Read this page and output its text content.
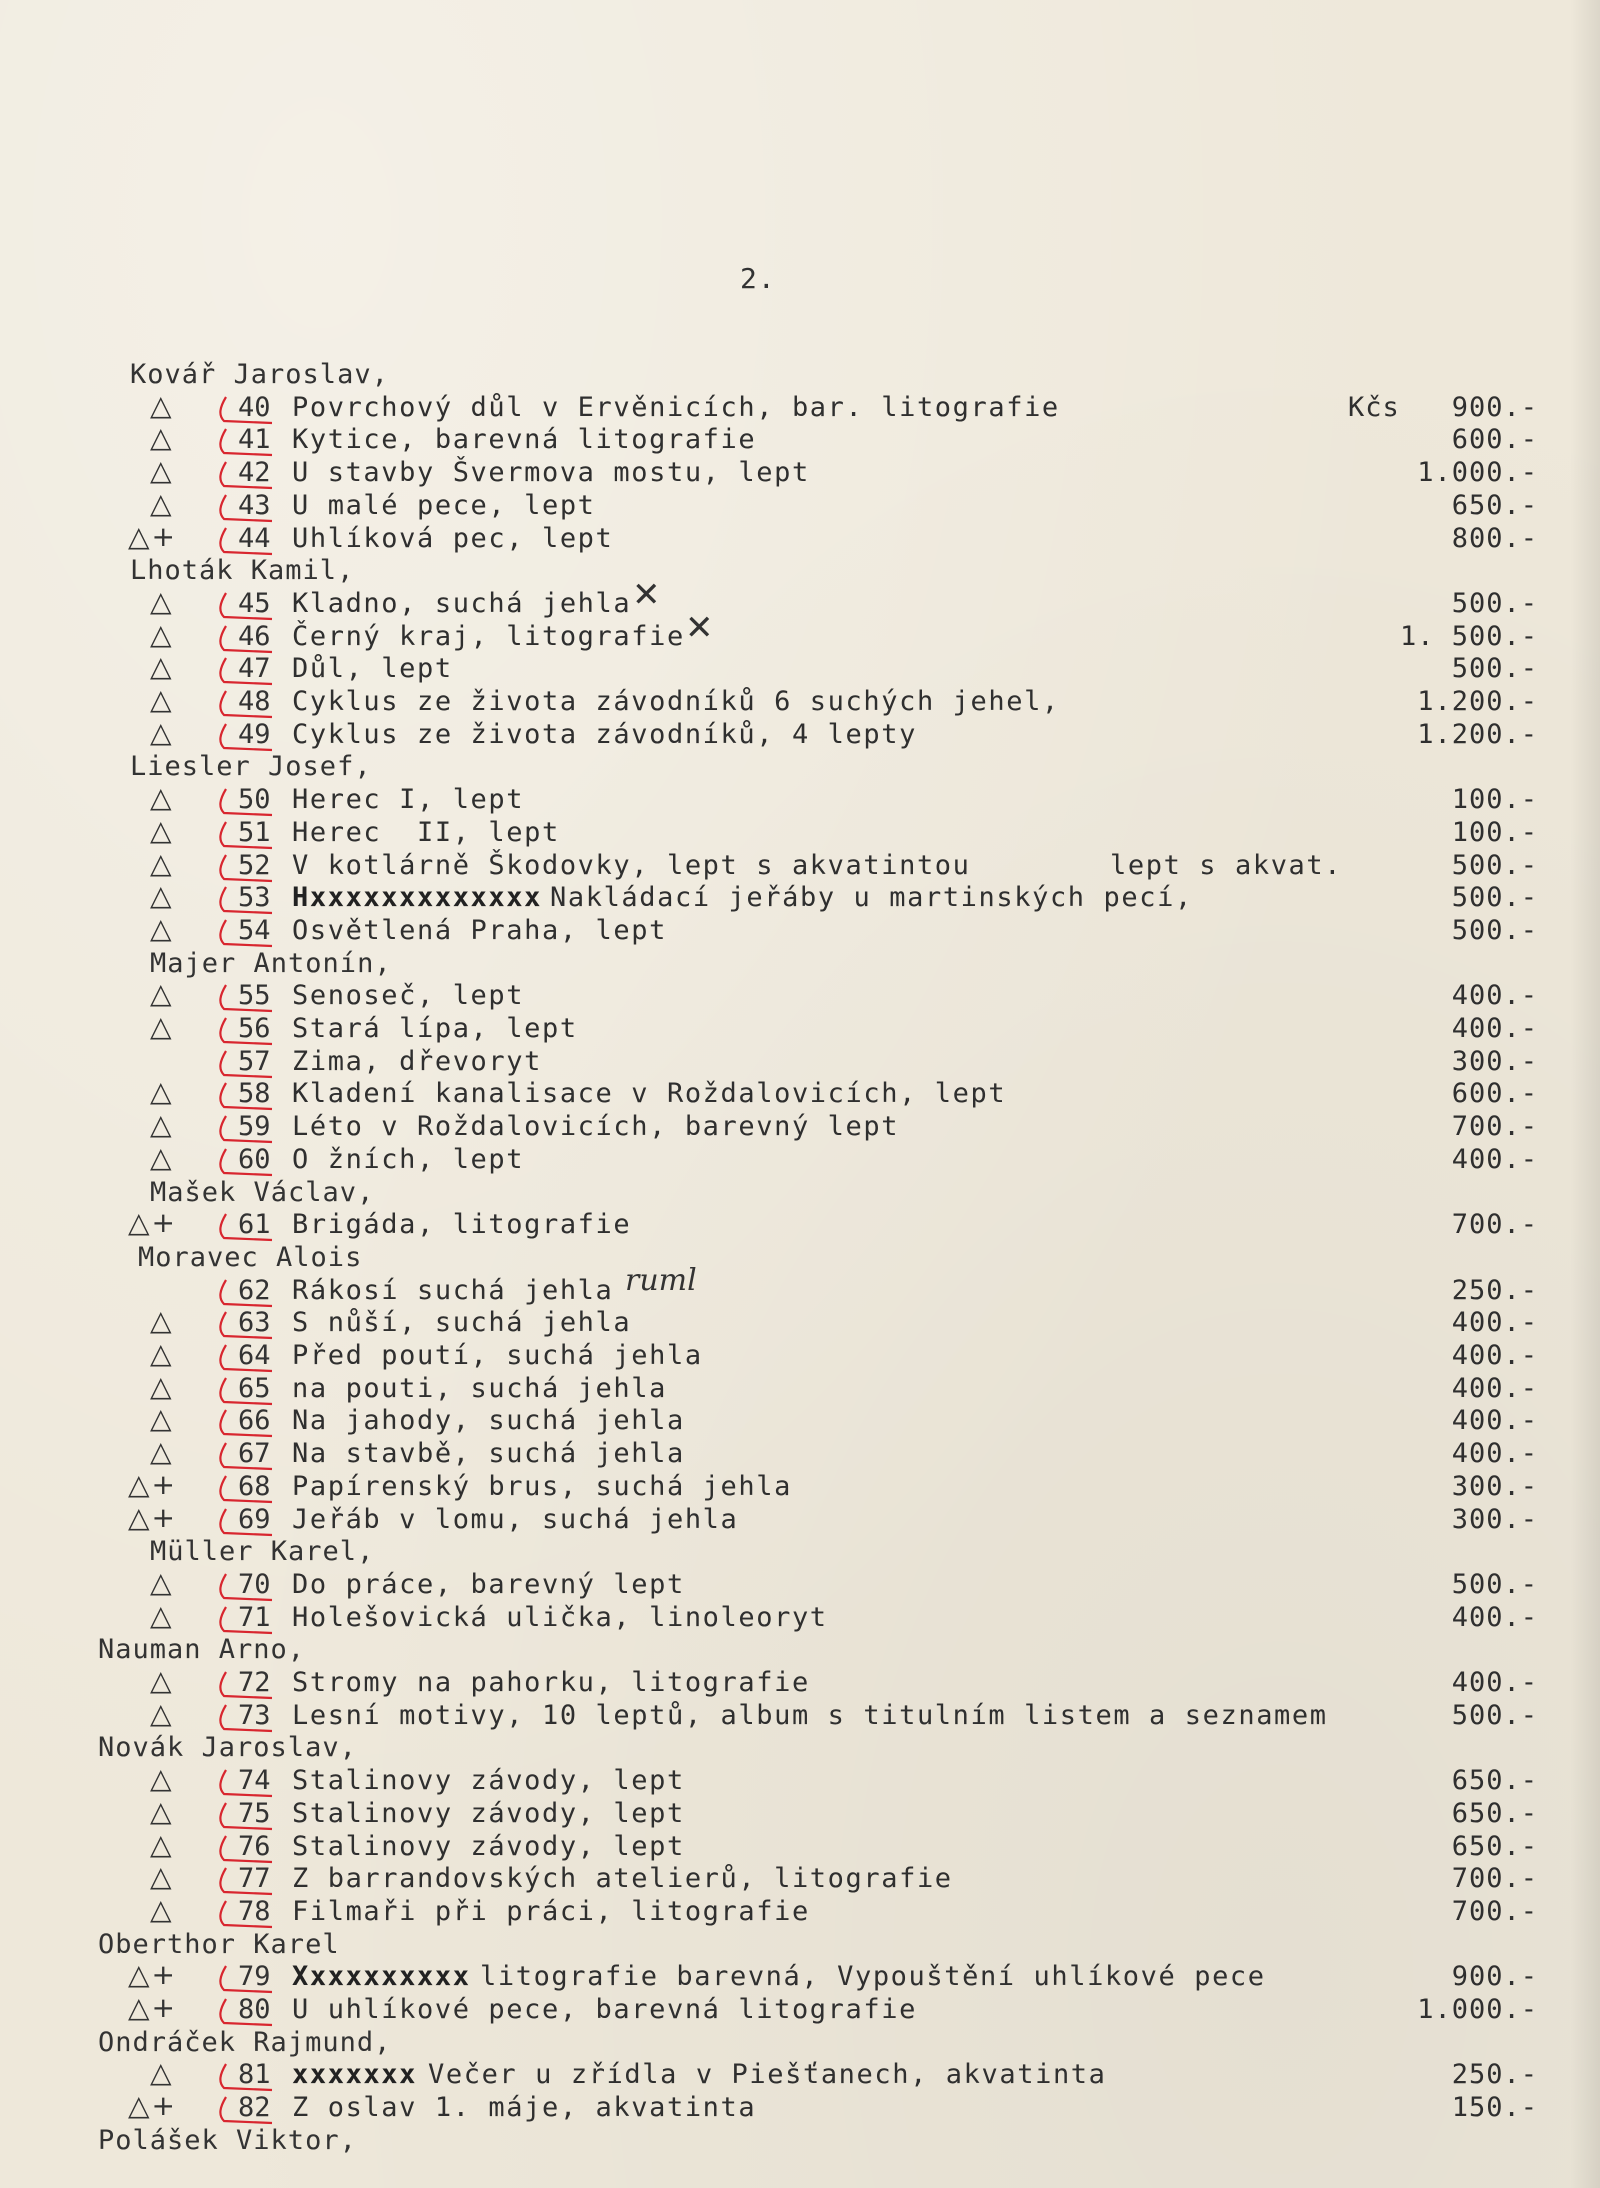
2.
Kovář Jaroslav,
△ 40 Povrchový důl v Ervěnicích, bar. litografie	Kčs 900.-
△ 41 Kytice, barevná litografie	600.-
△ 42 U stavby Švermova mostu, lept	1.000.-
△ 43 U malé pece, lept	650.-
△+ 44 Uhlíková pec, lept	800.-
Lhoták Kamil,
△ 45 Kladno, suchá jehla ✕	500.-
△ 46 Černý kraj, litografie ✕	1. 500.-
△ 47 Důl, lept	500.-
△ 48 Cyklus ze života závodníků 6 suchých jehel,	1.200.-
△ 49 Cyklus ze života závodníků, 4 lepty	1.200.-
Liesler Josef,
△ 50 Herec I, lept	100.-
△ 51 Herec  II, lept	100.-
△ 52 V kotlárně Škodovky, lept s akvatintou	lept s akvat.	500.-
△ 53 Hxxxxxxxxxxxxx Nakládací jeřáby u martinských pecí,	500.-
△ 54 Osvětlená Praha, lept	500.-
Majer Antonín,
△ 55 Senoseč, lept	400.-
△ 56 Stará lípa, lept	400.-
57 Zima, dřevoryt	300.-
△ 58 Kladení kanalisace v Roždalovicích, lept	600.-
△ 59 Léto v Roždalovicích, barevný lept	700.-
△ 60 O žních, lept	400.-
Mašek Václav,
△+ 61 Brigáda, litografie	700.-
Moravec Alois
62 Rákosí suchá jehla ruml	250.-
△ 63 S nůší, suchá jehla	400.-
△ 64 Před poutí, suchá jehla	400.-
△ 65 na pouti, suchá jehla	400.-
△ 66 Na jahody, suchá jehla	400.-
△ 67 Na stavbě, suchá jehla	400.-
△+ 68 Papírenský brus, suchá jehla	300.-
△+ 69 Jeřáb v lomu, suchá jehla	300.-
Müller Karel,
△ 70 Do práce, barevný lept	500.-
△ 71 Holešovická ulička, linoleoryt	400.-
Nauman Arno,
△ 72 Stromy na pahorku, litografie	400.-
△ 73 Lesní motivy, 10 leptů, album s titulním listem a seznamem	500.-
Novák Jaroslav,
△ 74 Stalinovy závody, lept	650.-
△ 75 Stalinovy závody, lept	650.-
△ 76 Stalinovy závody, lept	650.-
△ 77 Z barrandovských atelierů, litografie	700.-
△ 78 Filmaři při práci, litografie	700.-
Oberthor Karel
△+ 79 Xxxxxxxxxx litografie barevná, Vypouštění uhlíkové pece	900.-
△+ 80 U uhlíkové pece, barevná litografie	1.000.-
Ondráček Rajmund,
△ 81 xxxxxxx Večer u zřídla v Piešťanech, akvatinta	250.-
△+ 82 Z oslav 1. máje, akvatinta	150.-
Polášek Viktor,
